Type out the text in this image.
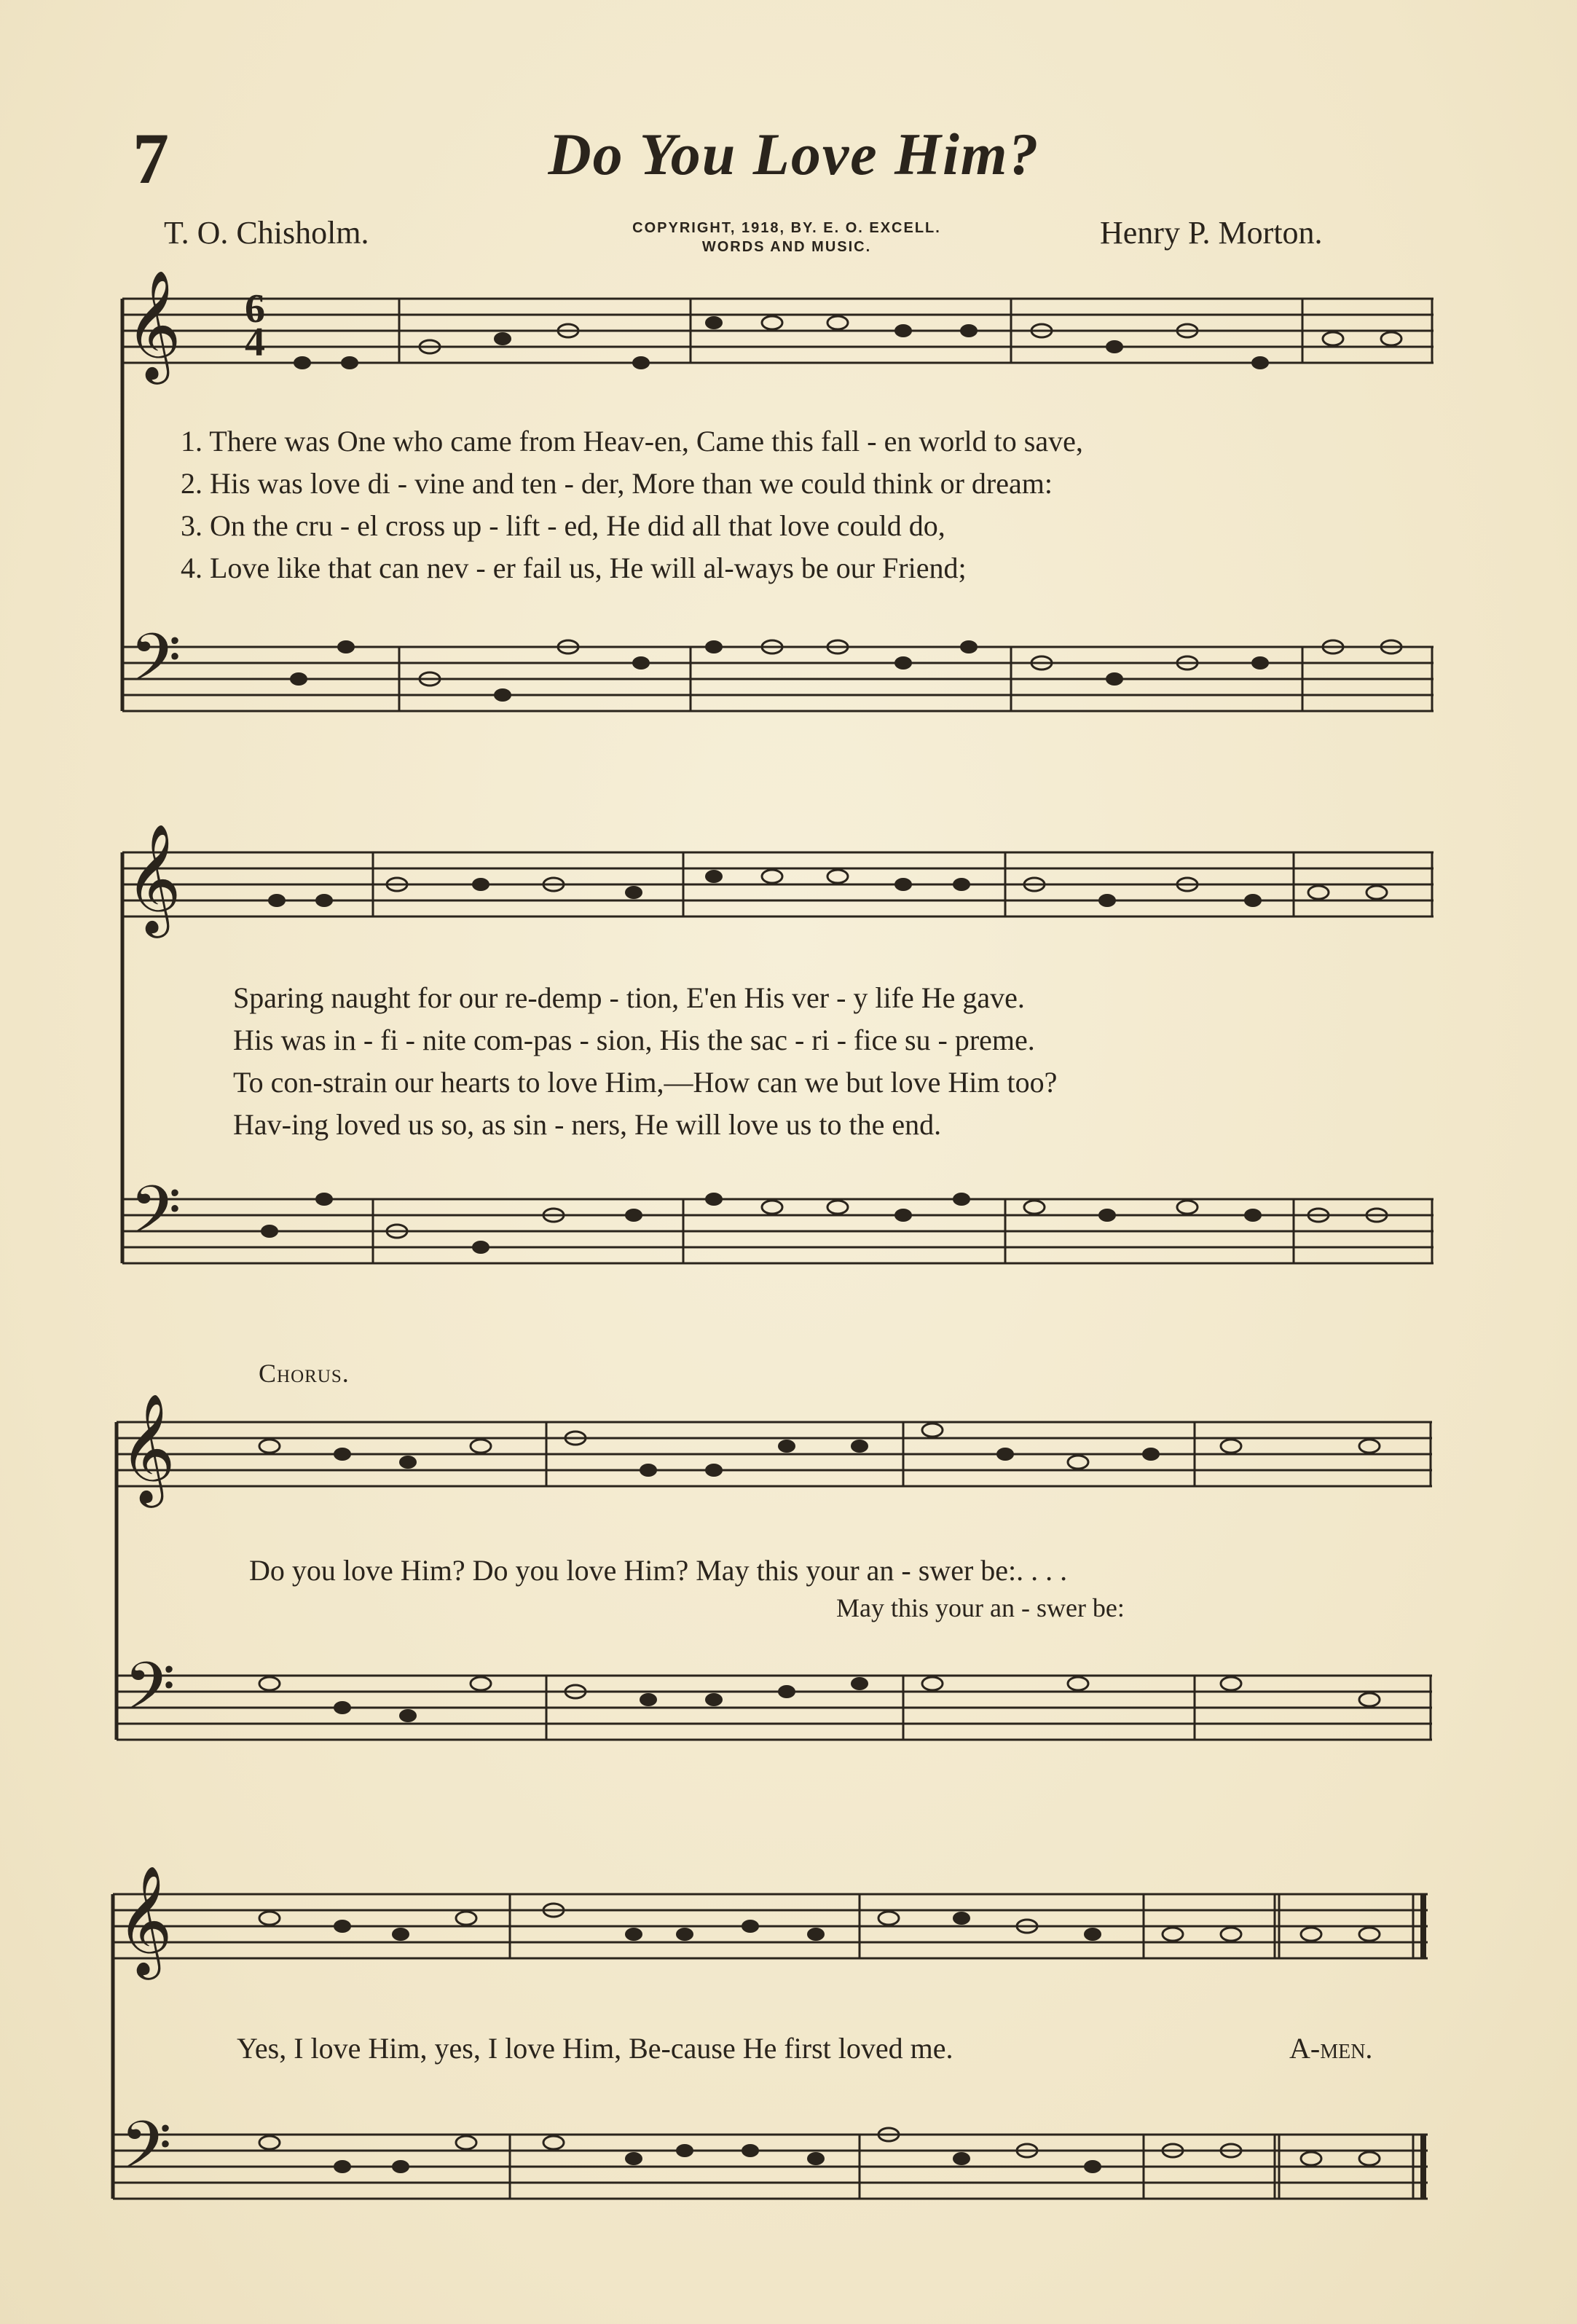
7	Do You Love Him?
T. O. Chisholm.	COPYRIGHT, 1918, BY. E. O. EXCELL.
WORDS AND MUSIC.	Henry P. Morton.
𝄞
𝄢
6
4
1. There was One who came from Heav-en, Came this fall - en world to save,
2. His was love di - vine and ten - der, More than we could think or dream:
3. On the cru - el cross up - lift - ed, He did all that love could do,
4. Love like that can nev - er fail us, He will al-ways be our Friend;
𝄞
𝄢
Sparing naught for our re-demp - tion, E'en His ver - y life He gave.
His was in - fi - nite com-pas - sion, His the sac - ri - fice su - preme.
To con-strain our hearts to love Him,—How can we but love Him too?
Hav-ing loved us so, as sin - ners, He will love us to the end.
Chorus.
𝄞
𝄢
Do you love Him? Do you love Him? May this your an - swer be:. . . .
May this your an - swer be:
𝄞
𝄢
Yes, I love Him, yes, I love Him, Be-cause He first loved me.	A-men.
